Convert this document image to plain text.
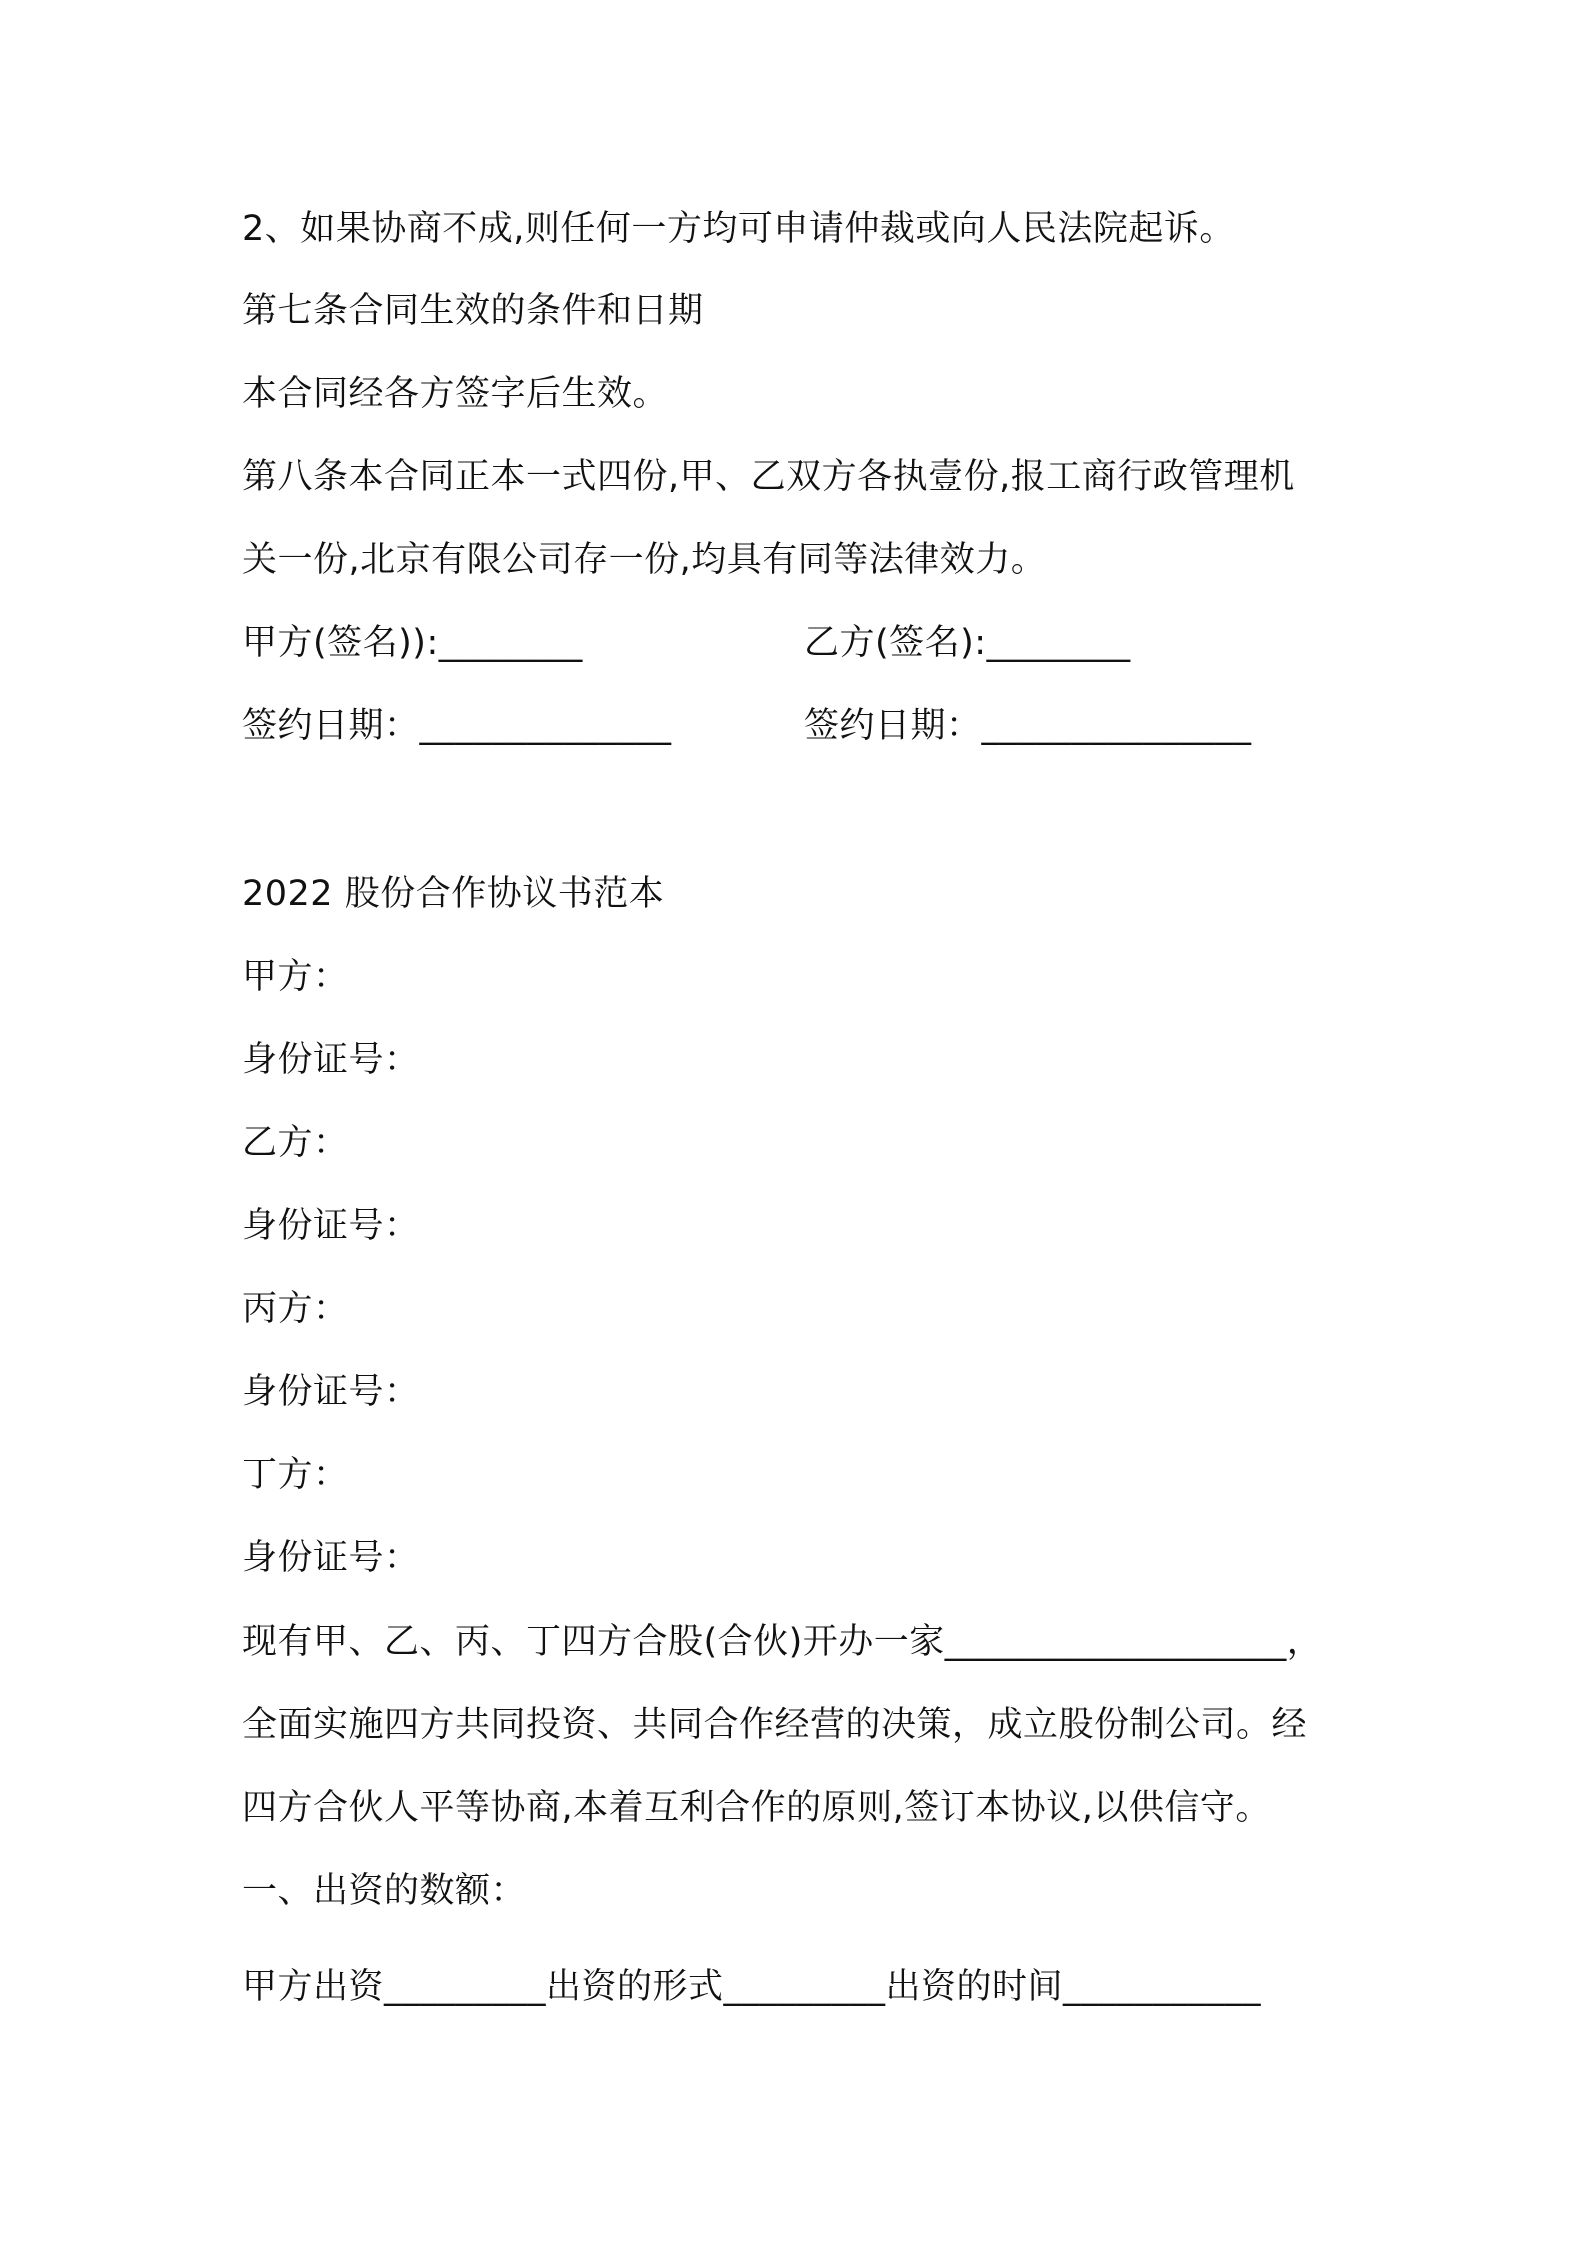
2、如果协商不成,则任何一方均可申请仲裁或向人民法院起诉。
第七条合同生效的条件和日期
本合同经各方签字后生效。
第八条本合同正本一式四份,甲、乙双方各执壹份,报工商行政管理机
关一份,北京有限公司存一份,均具有同等法律效力。
甲方(签名)):________	乙方(签名):________
签约日期：______________	签约日期：_______________
2022 股份合作协议书范本
甲方：
身份证号：
乙方：
身份证号：
丙方：
身份证号：
丁方：
身份证号：
现有甲、乙、丙、丁四方合股(合伙)开办一家___________________，
全面实施四方共同投资、共同合作经营的决策，成立股份制公司。经
四方合伙人平等协商,本着互利合作的原则,签订本协议,以供信守。
一、出资的数额：
甲方出资_________出资的形式_________出资的时间___________
